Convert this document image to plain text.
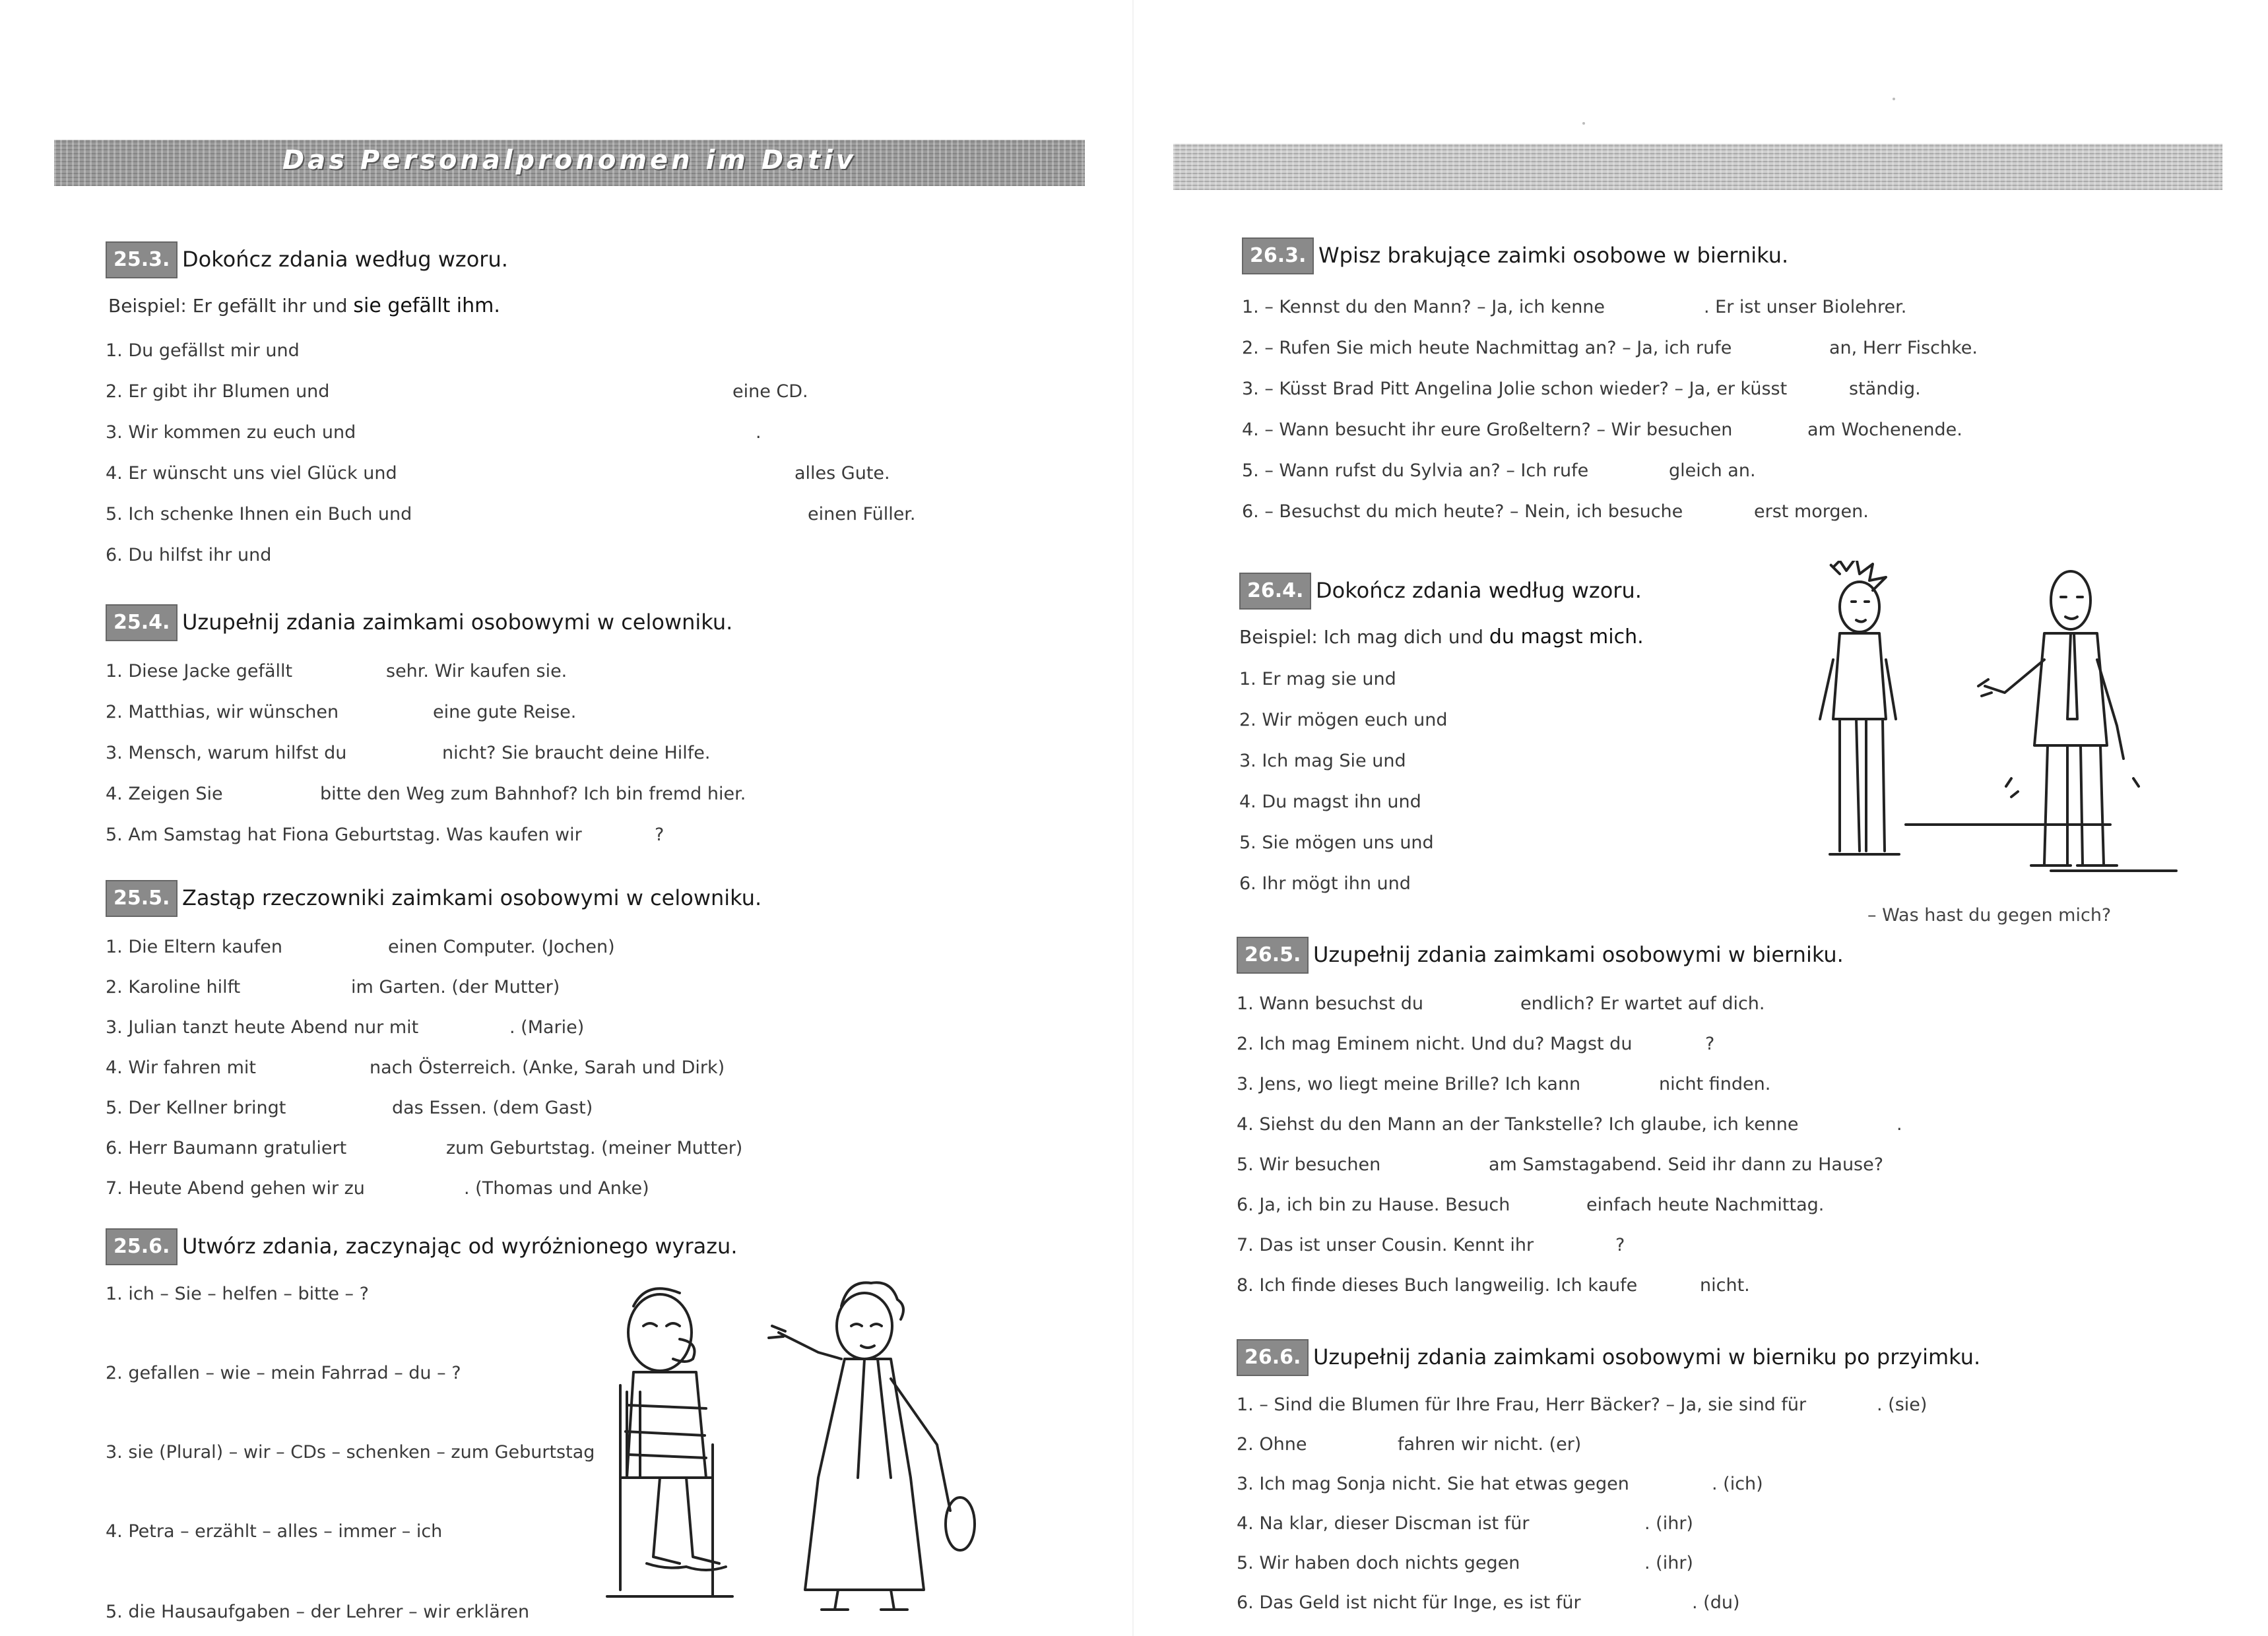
Das Personalpronomen im Dativ
25.3. Dokończ zdania według wzoru.
Beispiel: Er gefällt ihr und sie gefällt ihm.
1. Du gefällst mir und
2. Er gibt ihr Blumen und	eine CD.
3. Wir kommen zu euch und	.
4. Er wünscht uns viel Glück und	alles Gute.
5. Ich schenke Ihnen ein Buch und	einen Füller.
6. Du hilfst ihr und
25.4. Uzupełnij zdania zaimkami osobowymi w celowniku.
1. Diese Jacke gefällt	sehr. Wir kaufen sie.
2. Matthias, wir wünschen	eine gute Reise.
3. Mensch, warum hilfst du	nicht? Sie braucht deine Hilfe.
4. Zeigen Sie	bitte den Weg zum Bahnhof? Ich bin fremd hier.
5. Am Samstag hat Fiona Geburtstag. Was kaufen wir	?
25.5. Zastąp rzeczowniki zaimkami osobowymi w celowniku.
1. Die Eltern kaufen	einen Computer. (Jochen)
2. Karoline hilft	im Garten. (der Mutter)
3. Julian tanzt heute Abend nur mit	. (Marie)
4. Wir fahren mit	nach Österreich. (Anke, Sarah und Dirk)
5. Der Kellner bringt	das Essen. (dem Gast)
6. Herr Baumann gratuliert	zum Geburtstag. (meiner Mutter)
7. Heute Abend gehen wir zu	. (Thomas und Anke)
25.6. Utwórz zdania, zaczynając od wyróżnionego wyrazu.
1. ich – Sie – helfen – bitte – ?
2. gefallen – wie – mein Fahrrad – du – ?
3. sie (Plural) – wir – CDs – schenken – zum Geburtstag
4. Petra – erzählt – alles – immer – ich
5. die Hausaufgaben – der Lehrer – wir erklären
26.3. Wpisz brakujące zaimki osobowe w bierniku.
1. – Kennst du den Mann? – Ja, ich kenne	. Er ist unser Biolehrer.
2. – Rufen Sie mich heute Nachmittag an? – Ja, ich rufe	an, Herr Fischke.
3. – Küsst Brad Pitt Angelina Jolie schon wieder? – Ja, er küsst	ständig.
4. – Wann besucht ihr eure Großeltern? – Wir besuchen	am Wochenende.
5. – Wann rufst du Sylvia an? – Ich rufe	gleich an.
6. – Besuchst du mich heute? – Nein, ich besuche	erst morgen.
26.4. Dokończ zdania według wzoru.
Beispiel: Ich mag dich und du magst mich.
1. Er mag sie und
2. Wir mögen euch und
3. Ich mag Sie und
4. Du magst ihn und
5. Sie mögen uns und
6. Ihr mögt ihn und
– Was hast du gegen mich?
26.5. Uzupełnij zdania zaimkami osobowymi w bierniku.
1. Wann besuchst du	endlich? Er wartet auf dich.
2. Ich mag Eminem nicht. Und du? Magst du	?
3. Jens, wo liegt meine Brille? Ich kann	nicht finden.
4. Siehst du den Mann an der Tankstelle? Ich glaube, ich kenne	.
5. Wir besuchen	am Samstagabend. Seid ihr dann zu Hause?
6. Ja, ich bin zu Hause. Besuch	einfach heute Nachmittag.
7. Das ist unser Cousin. Kennt ihr	?
8. Ich finde dieses Buch langweilig. Ich kaufe	nicht.
26.6. Uzupełnij zdania zaimkami osobowymi w bierniku po przyimku.
1. – Sind die Blumen für Ihre Frau, Herr Bäcker? – Ja, sie sind für	. (sie)
2. Ohne	fahren wir nicht. (er)
3. Ich mag Sonja nicht. Sie hat etwas gegen	. (ich)
4. Na klar, dieser Discman ist für	. (ihr)
5. Wir haben doch nichts gegen	. (ihr)
6. Das Geld ist nicht für Inge, es ist für	. (du)
